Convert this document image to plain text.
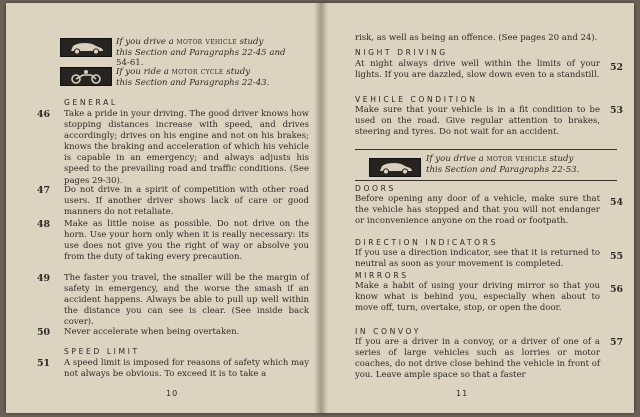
If you drive a motor vehicle study
this Section and Paragraphs 22-45 and
54-61.
If you ride a motor cycle study
this Section and Paragraphs 22-43.
GENERAL
46 Take a pride in your driving. The good driver knows how stopping distances increase with speed, and drives accordingly; drives on his engine and not on his brakes; knows the braking and acceleration of which his vehicle is capable in an emergency; and always adjusts his speed to the prevailing road and traffic conditions. (See pages 29-30).
47 Do not drive in a spirit of competition with other road users. If another driver shows lack of care or good manners do not retaliate.
48 Make as little noise as possible. Do not drive on the horn. Use your horn only when it is really necessary: its use does not give you the right of way or absolve you from the duty of taking every precaution.
49 The faster you travel, the smaller will be the margin of safety in emergency, and the worse the smash if an accident happens. Always be able to pull up well within the distance you can see is clear. (See inside back cover).
50 Never accelerate when being overtaken.
SPEED LIMIT
51 A speed limit is imposed for reasons of safety which may not always be obvious. To exceed it is to take a
10
risk, as well as being an offence. (See pages 20 and 24).
NIGHT DRIVING
At night always drive well within the limits of your lights. If you are dazzled, slow down even to a standstill.
52
VEHICLE CONDITION
Make sure that your vehicle is in a fit condition to be used on the road. Give regular attention to brakes, steering and tyres. Do not wait for an accident.
53
If you drive a motor vehicle study
this Section and Paragraphs 22-53.
DOORS
Before opening any door of a vehicle, make sure that the vehicle has stopped and that you will not endanger or inconvenience anyone on the road or footpath.
54
DIRECTION INDICATORS
If you use a direction indicator, see that it is returned to neutral as soon as your movement is completed.
55
MIRRORS
Make a habit of using your driving mirror so that you know what is behind you, especially when about to move off, turn, overtake, stop, or open the door.
56
IN CONVOY
If you are a driver in a convoy, or a driver of one of a series of large vehicles such as lorries or motor coaches, do not drive close behind the vehicle in front of you. Leave ample space so that a faster
57
11
